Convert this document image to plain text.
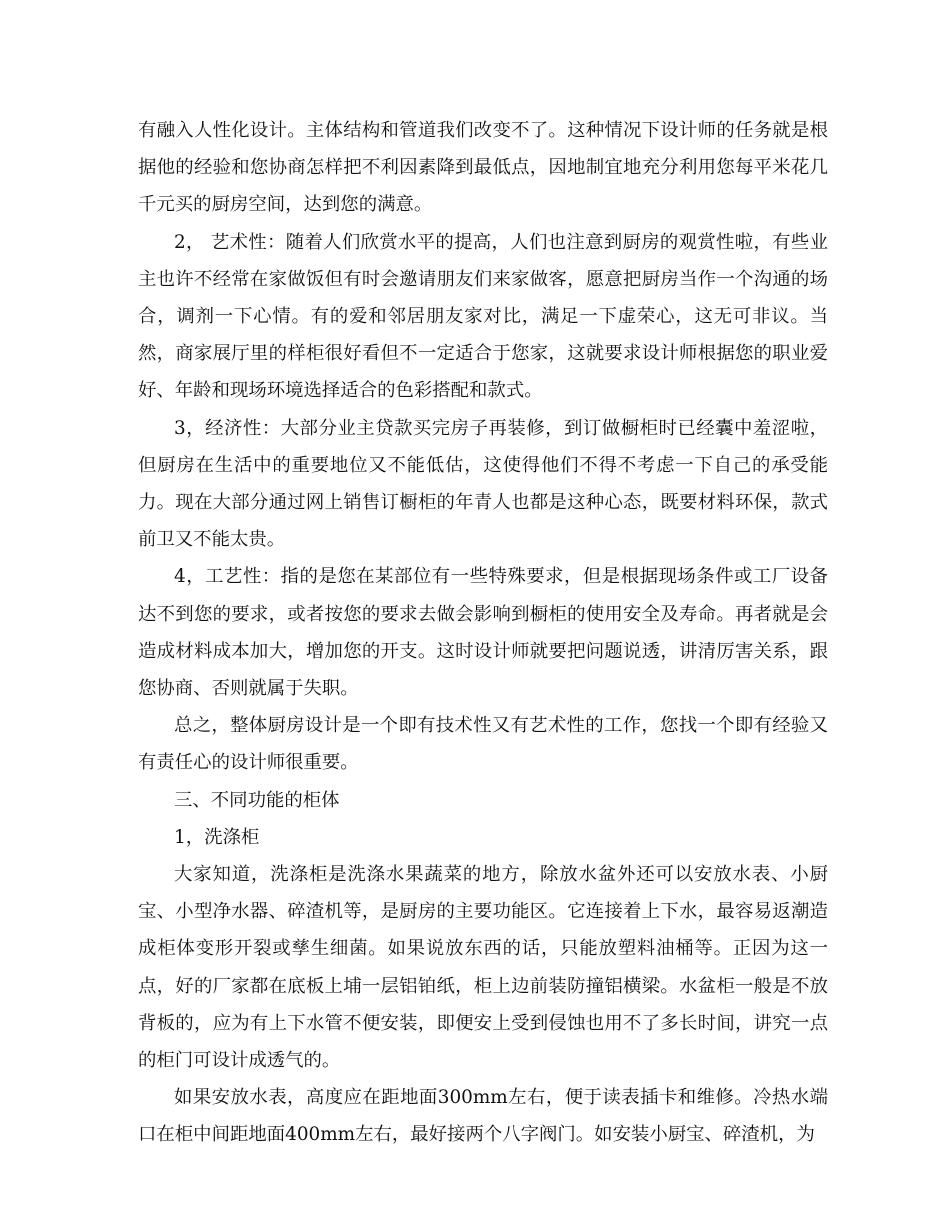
有融入人性化设计。主体结构和管道我们改变不了。这种情况下设计师的任务就是根据他的经验和您协商怎样把不利因素降到最低点，因地制宜地充分利用您每平米花几千元买的厨房空间，达到您的满意。

2， 艺术性：随着人们欣赏水平的提高，人们也注意到厨房的观赏性啦，有些业主也许不经常在家做饭但有时会邀请朋友们来家做客，愿意把厨房当作一个沟通的场合，调剂一下心情。有的爱和邻居朋友家对比，满足一下虚荣心，这无可非议。当然，商家展厅里的样柜很好看但不一定适合于您家，这就要求设计师根据您的职业爱好、年龄和现场环境选择适合的色彩搭配和款式。

3，经济性：大部分业主贷款买完房子再装修，到订做橱柜时已经囊中羞涩啦，但厨房在生活中的重要地位又不能低估，这使得他们不得不考虑一下自己的承受能力。现在大部分通过网上销售订橱柜的年青人也都是这种心态，既要材料环保，款式前卫又不能太贵。

4，工艺性：指的是您在某部位有一些特殊要求，但是根据现场条件或工厂设备达不到您的要求，或者按您的要求去做会影响到橱柜的使用安全及寿命。再者就是会造成材料成本加大，增加您的开支。这时设计师就要把问题说透，讲清厉害关系，跟您协商、否则就属于失职。

总之，整体厨房设计是一个即有技术性又有艺术性的工作，您找一个即有经验又有责任心的设计师很重要。

三、不同功能的柜体

1，洗涤柜

大家知道，洗涤柜是洗涤水果蔬菜的地方，除放水盆外还可以安放水表、小厨宝、小型净水器、碎渣机等，是厨房的主要功能区。它连接着上下水，最容易返潮造成柜体变形开裂或孳生细菌。如果说放东西的话，只能放塑料油桶等。正因为这一点，好的厂家都在底板上埔一层铝铂纸，柜上边前装防撞铝横梁。水盆柜一般是不放背板的，应为有上下水管不便安装，即便安上受到侵蚀也用不了多长时间，讲究一点的柜门可设计成透气的。

如果安放水表，高度应在距地面300mm左右，便于读表插卡和维修。冷热水端口在柜中间距地面400mm左右，最好接两个八字阀门。如安装小厨宝、碎渣机，为
